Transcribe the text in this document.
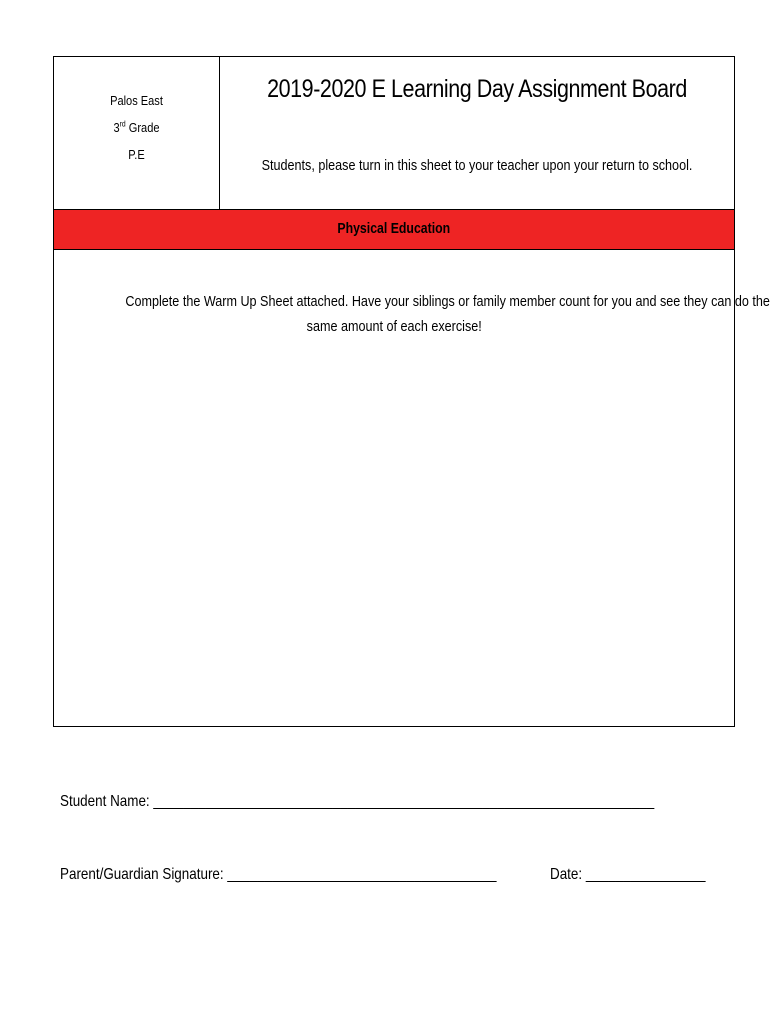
Palos East
3rd Grade
P.E
2019-2020 E Learning Day Assignment Board
Students, please turn in this sheet to your teacher upon your return to school.
Physical Education
Complete the Warm Up Sheet attached. Have your siblings or family member count for you and see they can do the
same amount of each exercise!
Student Name: ___________________________________________________________________
Parent/Guardian Signature: ____________________________________	Date: ________________
